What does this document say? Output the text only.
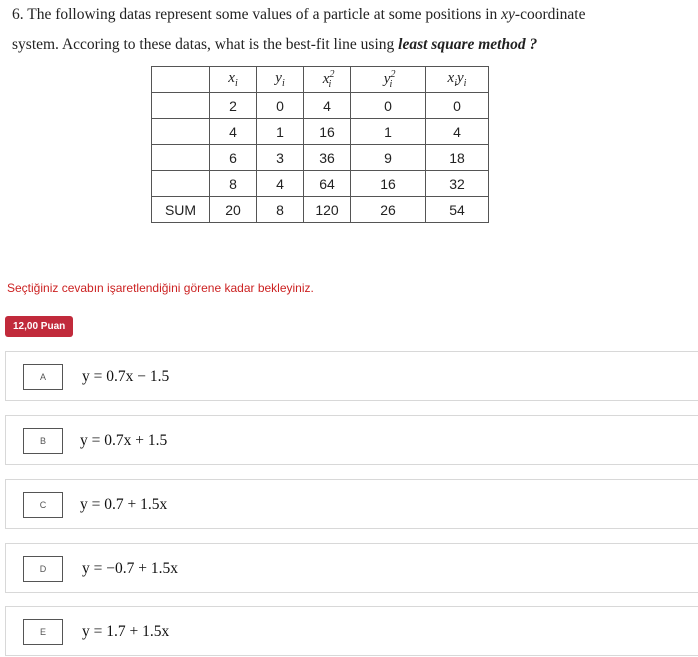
6. The following datas represent some values of a particle at some positions in xy-coordinate
system. Accoring to these datas, what is the best-fit line using least square method ?
	$x_i$	$y_i$	$x^2_i$	$y^2_i$	$x_iy_i$
	2	0	4	0	0
	4	1	16	1	4
	6	3	36	9	18
	8	4	64	16	32
SUM	20	8	120	26	54
Seçtiğiniz cevabın işaretlendiğini görene kadar bekleyiniz.
12,00 Puan
A	y = 0.7x − 1.5
B	y = 0.7x + 1.5
C	y = 0.7 + 1.5x
D	y = −0.7 + 1.5x
E	y = 1.7 + 1.5x
